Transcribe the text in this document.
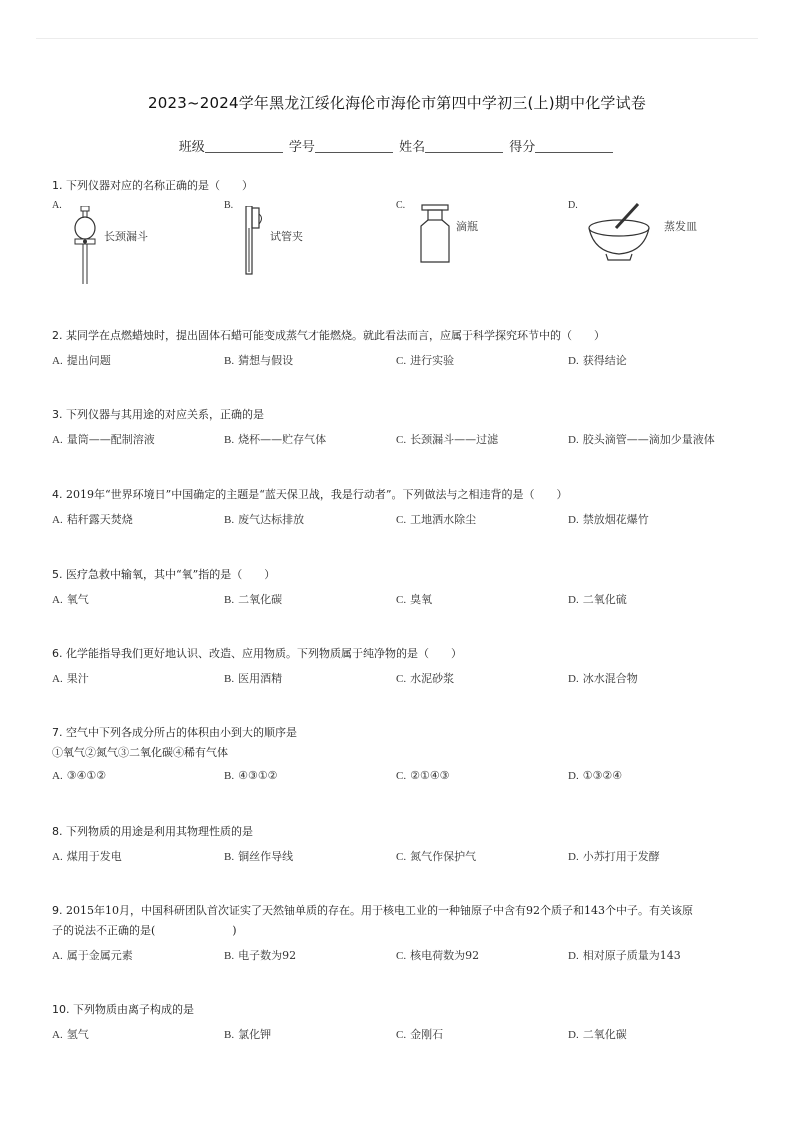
2023~2024学年黑龙江绥化海伦市海伦市第四中学初三(上)期中化学试卷
班级	学号	姓名	得分
1. 下列仪器对应的名称正确的是（　　）
A.
长颈漏斗
B.
试管夹
C.
滴瓶
D.
蒸发皿
2. 某同学在点燃蜡烛时，提出固体石蜡可能变成蒸气才能燃烧。就此看法而言，应属于科学探究环节中的（　　）
A. 提出问题	B. 猜想与假设	C. 进行实验	D. 获得结论
3. 下列仪器与其用途的对应关系，正确的是
A. 量筒——配制溶液	B. 烧杯——贮存气体	C. 长颈漏斗——过滤	D. 胶头滴管——滴加少量液体
4. 2019年“世界环境日”中国确定的主题是“蓝天保卫战，我是行动者”。下列做法与之相违背的是（　　）
A. 秸秆露天焚烧	B. 废气达标排放	C. 工地洒水除尘	D. 禁放烟花爆竹
5. 医疗急救中输氧，其中“氧”指的是（　　）
A. 氧气	B. 二氧化碳	C. 臭氧	D. 二氧化硫
6. 化学能指导我们更好地认识、改造、应用物质。下列物质属于纯净物的是（　　）
A. 果汁	B. 医用酒精	C. 水泥砂浆	D. 冰水混合物
7. 空气中下列各成分所占的体积由小到大的顺序是
①氧气②氮气③二氧化碳④稀有气体
A. ③④①②	B. ④③①②	C. ②①④③	D. ①③②④
8. 下列物质的用途是利用其物理性质的是
A. 煤用于发电	B. 铜丝作导线	C. 氮气作保护气	D. 小苏打用于发酵
9. 2015年10月，中国科研团队首次证实了天然铀单质的存在。用于核电工业的一种铀原子中含有92个质子和143个中子。有关该原
子的说法不正确的是(　　　　　　　)
A. 属于金属元素	B. 电子数为92	C. 核电荷数为92	D. 相对原子质量为143
10. 下列物质由离子构成的是
A. 氢气	B. 氯化钾	C. 金刚石	D. 二氧化碳
